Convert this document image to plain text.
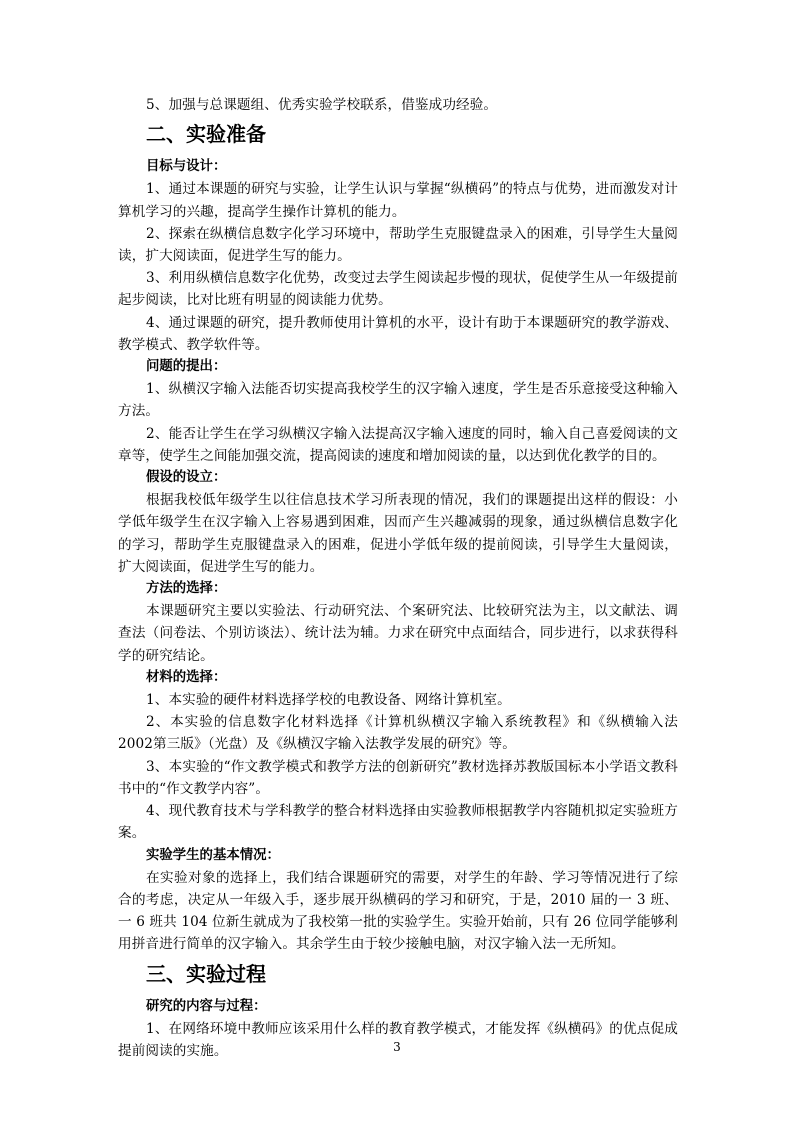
5、加强与总课题组、优秀实验学校联系，借鉴成功经验。

二、实验准备
目标与设计：

1、通过本课题的研究与实验，让学生认识与掌握“纵横码”的特点与优势，进而激发对计算机学习的兴趣，提高学生操作计算机的能力。

2、探索在纵横信息数字化学习环境中，帮助学生克服键盘录入的困难，引导学生大量阅读，扩大阅读面，促进学生写的能力。

3、利用纵横信息数字化优势，改变过去学生阅读起步慢的现状，促使学生从一年级提前起步阅读，比对比班有明显的阅读能力优势。

4、通过课题的研究，提升教师使用计算机的水平，设计有助于本课题研究的教学游戏、教学模式、教学软件等。

问题的提出：

1、纵横汉字输入法能否切实提高我校学生的汉字输入速度，学生是否乐意接受这种输入方法。

2、能否让学生在学习纵横汉字输入法提高汉字输入速度的同时，输入自己喜爱阅读的文章等，使学生之间能加强交流，提高阅读的速度和增加阅读的量，以达到优化教学的目的。

假设的设立：

根据我校低年级学生以往信息技术学习所表现的情况，我们的课题提出这样的假设：小学低年级学生在汉字输入上容易遇到困难，因而产生兴趣减弱的现象，通过纵横信息数字化的学习，帮助学生克服键盘录入的困难，促进小学低年级的提前阅读，引导学生大量阅读，扩大阅读面，促进学生写的能力。

方法的选择：

本课题研究主要以实验法、行动研究法、个案研究法、比较研究法为主，以文献法、调查法（问卷法、个别访谈法）、统计法为辅。力求在研究中点面结合，同步进行，以求获得科学的研究结论。

材料的选择：

1、本实验的硬件材料选择学校的电教设备、网络计算机室。

2、本实验的信息数字化材料选择《计算机纵横汉字输入系统教程》和《纵横输入法 2002第三版》（光盘）及《纵横汉字输入法教学发展的研究》等。

3、本实验的“作文教学模式和教学方法的创新研究”教材选择苏教版国标本小学语文教科书中的“作文教学内容”。

4、现代教育技术与学科教学的整合材料选择由实验教师根据教学内容随机拟定实验班方案。

实验学生的基本情况：

在实验对象的选择上，我们结合课题研究的需要，对学生的年龄、学习等情况进行了综合的考虑，决定从一年级入手，逐步展开纵横码的学习和研究，于是，2010 届的一 3 班、一 6 班共 104 位新生就成为了我校第一批的实验学生。实验开始前，只有 26 位同学能够利用拼音进行简单的汉字输入。其余学生由于较少接触电脑，对汉字输入法一无所知。

三、实验过程
研究的内容与过程：

1、在网络环境中教师应该采用什么样的教育教学模式，才能发挥《纵横码》的优点促成提前阅读的实施。	3
